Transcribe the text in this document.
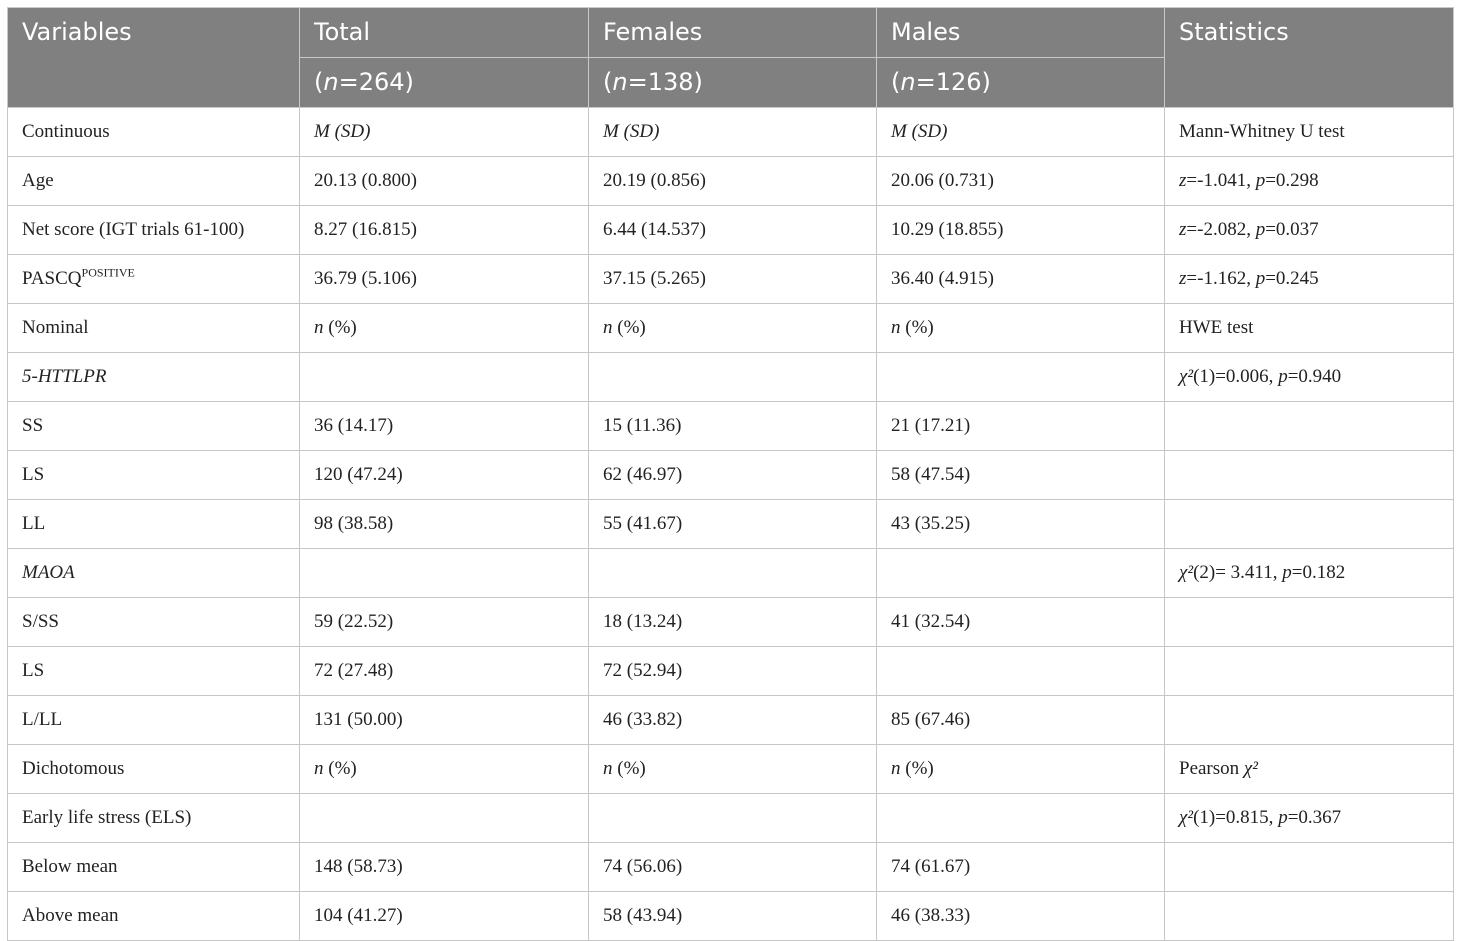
Variables	Total	Females	Males	Statistics
	(n=264)	(n=138)	(n=126)	
Continuous	M (SD)	M (SD)	M (SD)	Mann-Whitney U test
Age	20.13 (0.800)	20.19 (0.856)	20.06 (0.731)	z=-1.041, p=0.298
Net score (IGT trials 61-100)	8.27 (16.815)	6.44 (14.537)	10.29 (18.855)	z=-2.082, p=0.037
$PASCQ^{POSITIVE}$	36.79 (5.106)	37.15 (5.265)	36.40 (4.915)	z=-1.162, p=0.245
Nominal	n (%)	n (%)	n (%)	HWE test
5-HTTLPR				χ²(1)=0.006, p=0.940
SS	36 (14.17)	15 (11.36)	21 (17.21)	
LS	120 (47.24)	62 (46.97)	58 (47.54)	
LL	98 (38.58)	55 (41.67)	43 (35.25)	
MAOA				χ²(2)= 3.411, p=0.182
S/SS	59 (22.52)	18 (13.24)	41 (32.54)	
LS	72 (27.48)	72 (52.94)		
L/LL	131 (50.00)	46 (33.82)	85 (67.46)	
Dichotomous	n (%)	n (%)	n (%)	Pearson χ²
Early life stress (ELS)				χ²(1)=0.815, p=0.367
Below mean	148 (58.73)	74 (56.06)	74 (61.67)	
Above mean	104 (41.27)	58 (43.94)	46 (38.33)	
